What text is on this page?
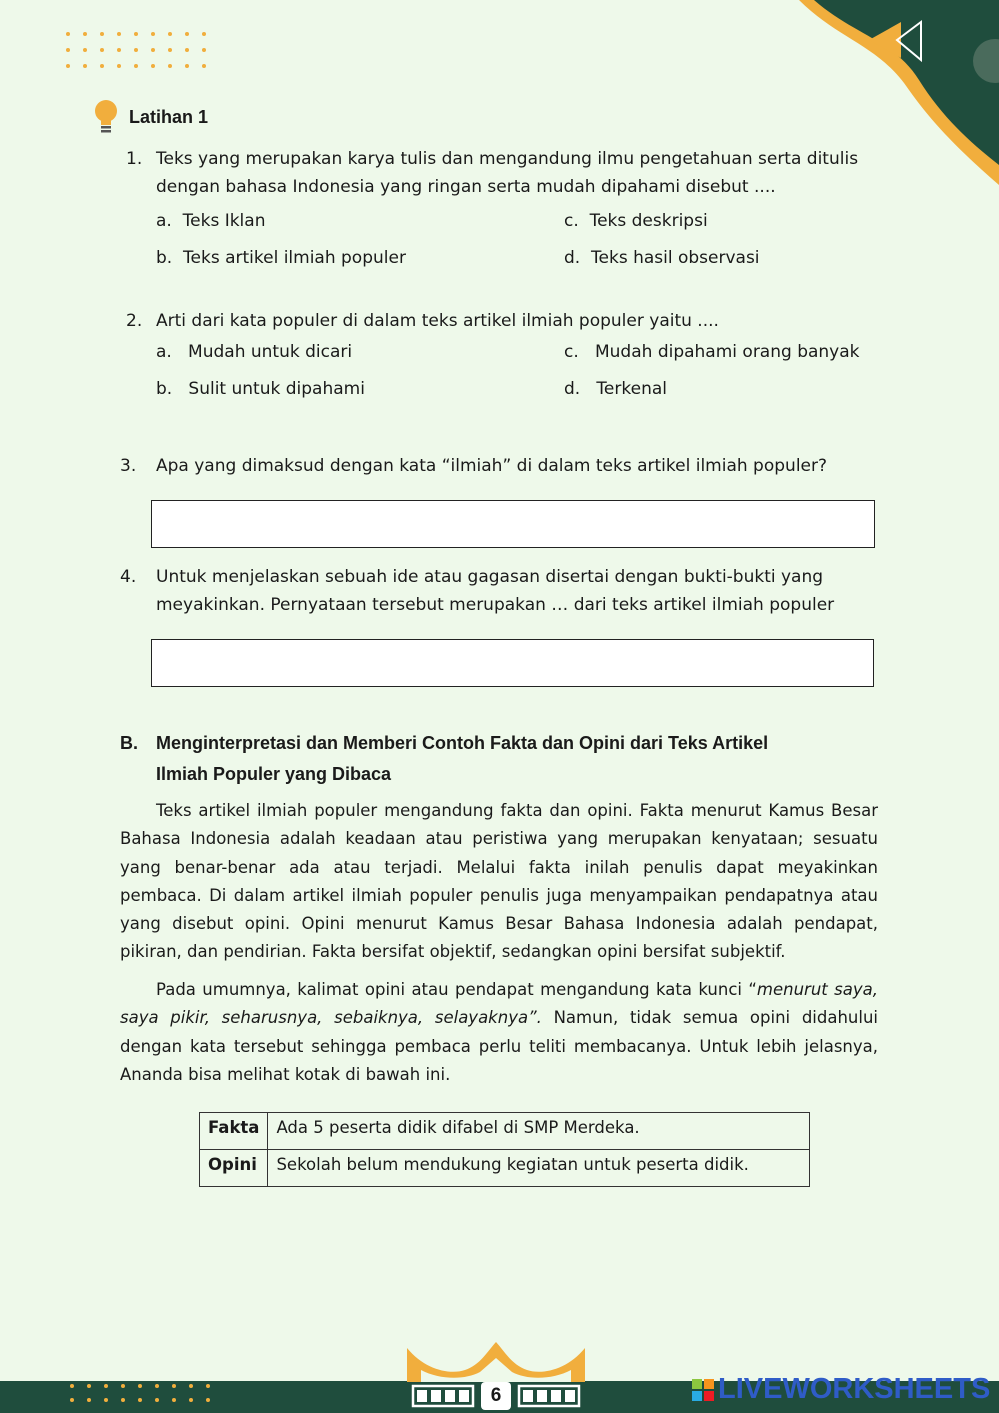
Latihan 1
1. Teks yang merupakan karya tulis dan mengandung ilmu pengetahuan serta ditulis
dengan bahasa Indonesia yang ringan serta mudah dipahami disebut ....
a. Teks Iklan
b. Teks artikel ilmiah populer
c. Teks deskripsi
d. Teks hasil observasi
2. Arti dari kata populer di dalam teks artikel ilmiah populer yaitu ....
a. Mudah untuk dicari
b. Sulit untuk dipahami
c. Mudah dipahami orang banyak
d. Terkenal
3.	Apa yang dimaksud dengan kata “ilmiah” di dalam teks artikel ilmiah populer?
4.	Untuk menjelaskan sebuah ide atau gagasan disertai dengan bukti-bukti yang
meyakinkan. Pernyataan tersebut merupakan … dari teks artikel ilmiah populer
B. Menginterpretasi dan Memberi Contoh Fakta dan Opini dari Teks Artikel
Ilmiah Populer yang Dibaca

Teks artikel ilmiah populer mengandung fakta dan opini. Fakta menurut Kamus Besar Bahasa Indonesia adalah keadaan atau peristiwa yang merupakan kenyataan; sesuatu yang benar-benar ada atau terjadi. Melalui fakta inilah penulis dapat meyakinkan pembaca. Di dalam artikel ilmiah populer penulis juga menyampaikan pendapatnya atau yang disebut opini. Opini menurut Kamus Besar Bahasa Indonesia adalah pendapat, pikiran, dan pendirian. Fakta bersifat objektif, sedangkan opini bersifat subjektif.

Pada umumnya, kalimat opini atau pendapat mengandung kata kunci “menurut saya, saya pikir, seharusnya, sebaiknya, selayaknya”. Namun, tidak semua opini didahului dengan kata tersebut sehingga pembaca perlu teliti membacanya. Untuk lebih jelasnya, Ananda bisa melihat kotak di bawah ini.

Fakta	Ada 5 peserta didik difabel di SMP Merdeka.
Opini	Sekolah belum mendukung kegiatan untuk peserta didik.
6	LIVEWORKSHEETS
